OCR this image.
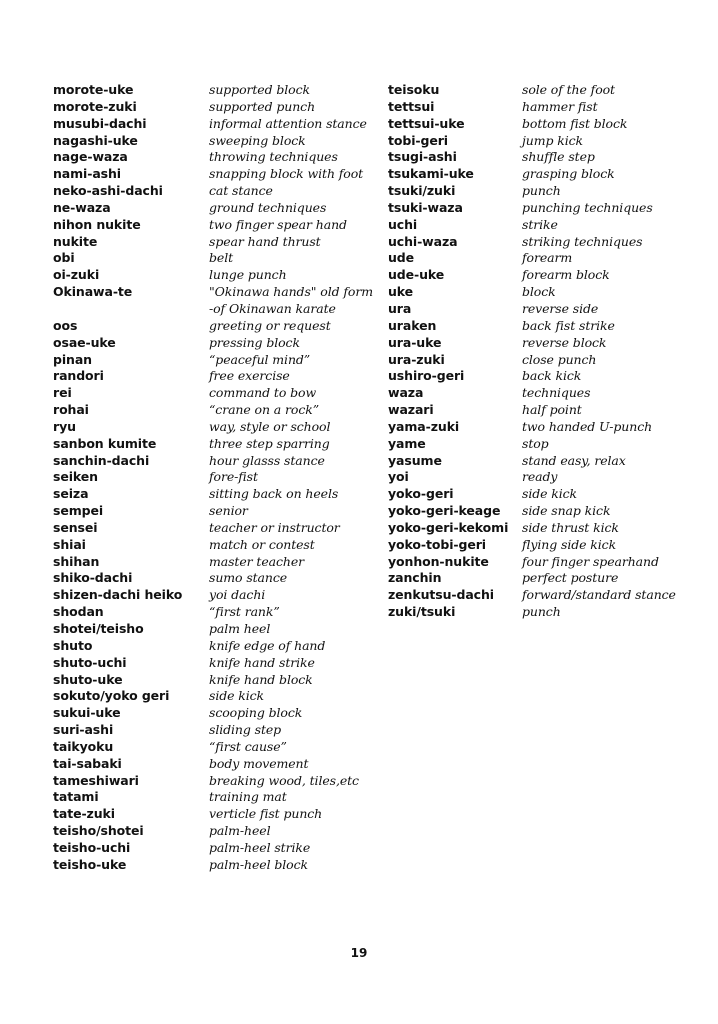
morote-uke
morote-zuki
musubi-dachi
nagashi-uke
nage-waza
nami-ashi
neko-ashi-dachi
ne-waza
nihon nukite
nukite
obi
oi-zuki
Okinawa-te
oos
osae-uke
pinan
randori
rei
rohai
ryu
sanbon kumite
sanchin-dachi
seiken
seiza
sempei
sensei
shiai
shihan
shiko-dachi
shizen-dachi heiko
shodan
shotei/teisho
shuto
shuto-uchi
shuto-uke
sokuto/yoko geri
sukui-uke
suri-ashi
taikyoku
tai-sabaki
tameshiwari
tatami
tate-zuki
teisho/shotei
teisho-uchi
teisho-uke
supported block
supported punch
informal attention stance
sweeping block
throwing techniques
snapping block with foot
cat stance
ground techniques
two finger spear hand
spear hand thrust
belt
lunge punch
"Okinawa hands" old form
-of Okinawan karate
greeting or request
pressing block
“peaceful mind”
free exercise
command to bow
“crane on a rock”
way, style or school
three step sparring
hour glasss stance
fore-fist
sitting back on heels
senior
teacher or instructor
match or contest
master teacher
sumo stance
yoi dachi
“first rank”
palm heel
knife edge of hand
knife hand strike
knife hand block
side kick
scooping block
sliding step
“first cause”
body movement
breaking wood, tiles,etc
training mat
verticle fist punch
palm-heel
palm-heel strike
palm-heel block
teisoku
tettsui
tettsui-uke
tobi-geri
tsugi-ashi
tsukami-uke
tsuki/zuki
tsuki-waza
uchi
uchi-waza
ude
ude-uke
uke
ura
uraken
ura-uke
ura-zuki
ushiro-geri
waza
wazari
yama-zuki
yame
yasume
yoi
yoko-geri
yoko-geri-keage
yoko-geri-kekomi
yoko-tobi-geri
yonhon-nukite
zanchin
zenkutsu-dachi
zuki/tsuki
sole of the foot
hammer fist
bottom fist block
jump kick
shuffle step
grasping block
punch
punching techniques
strike
striking techniques
forearm
forearm block
block
reverse side
back fist strike
reverse block
close punch
back kick
techniques
half point
two handed U-punch
stop
stand easy, relax
ready
side kick
side snap kick
side thrust kick
flying side kick
four finger spearhand
perfect posture
forward/standard stance
punch
19
